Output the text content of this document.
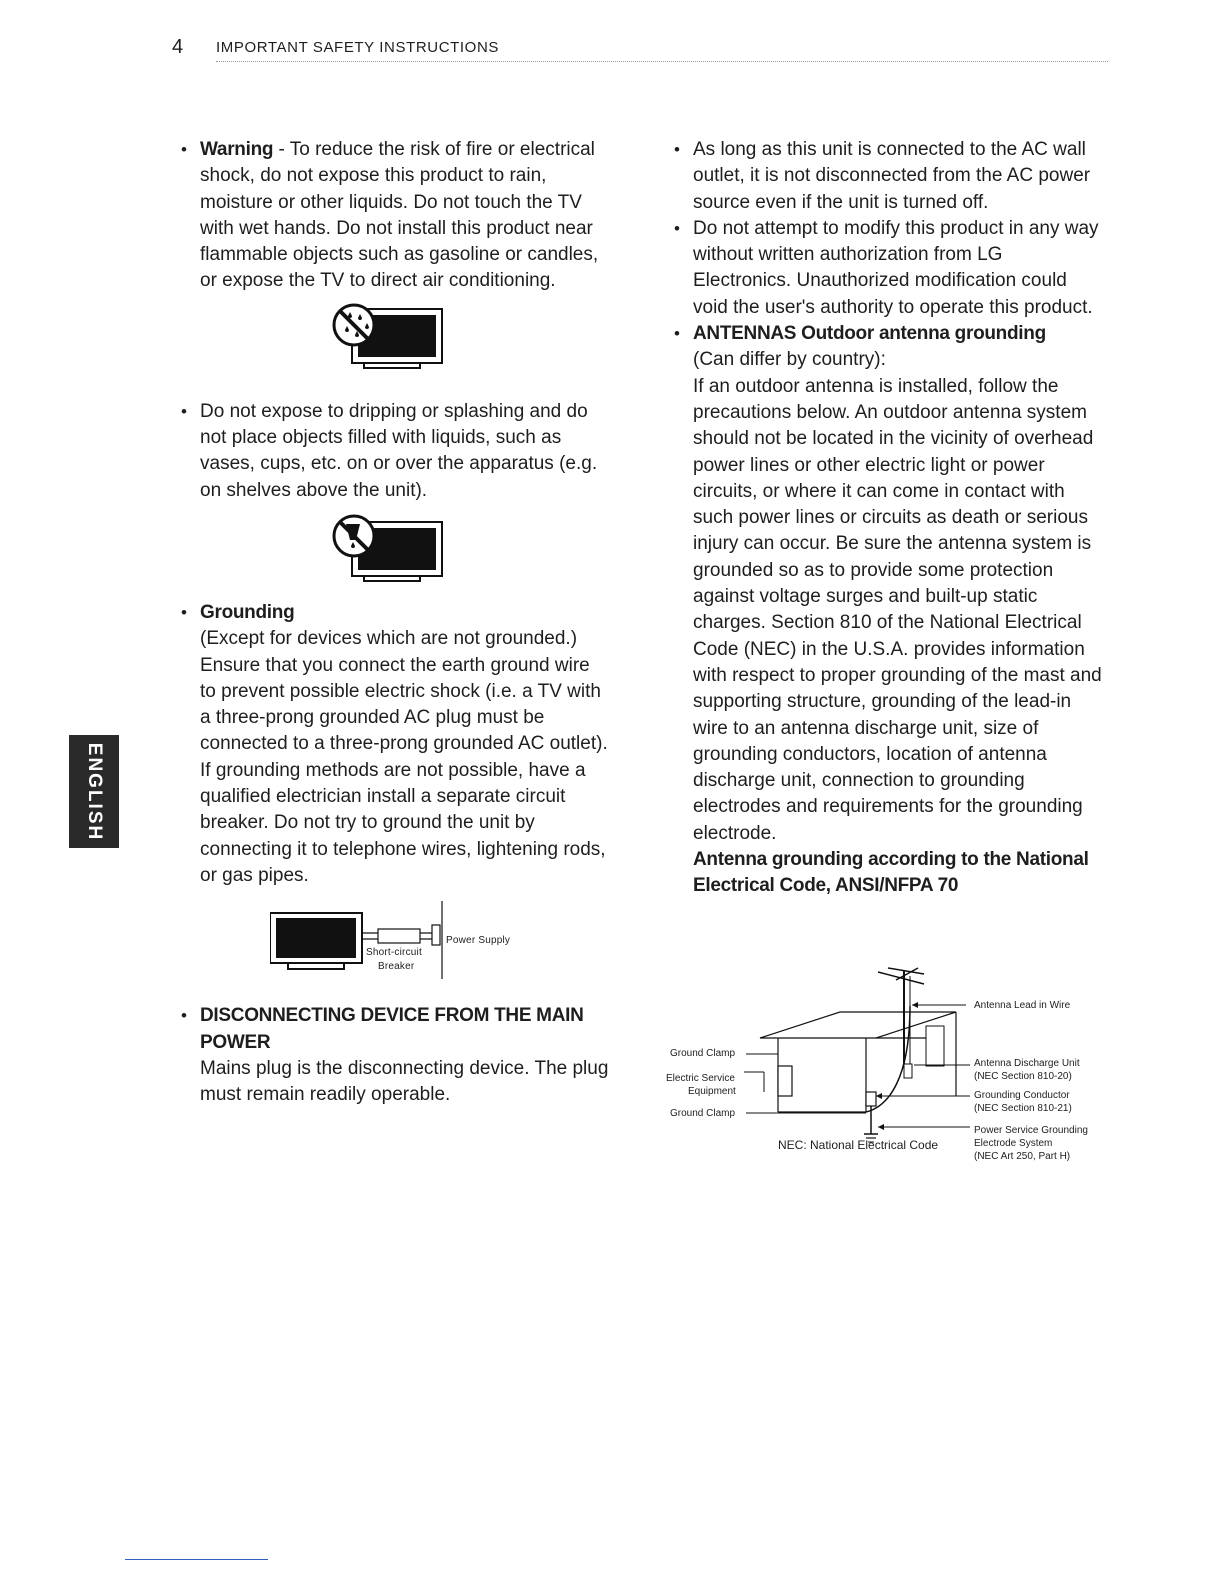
4 IMPORTANT SAFETY INSTRUCTIONS
ENGLISH

• Warning - To reduce the risk of fire or electrical shock, do not expose this product to rain, moisture or other liquids. Do not touch the TV with wet hands. Do not install this product near flammable objects such as gasoline or candles, or expose the TV to direct air conditioning.

• Do not expose to dripping or splashing and do not place objects filled with liquids, such as vases, cups, etc. on or over the apparatus (e.g. on shelves above the unit).

• Grounding
(Except for devices which are not grounded.) Ensure that you connect the earth ground wire to prevent possible electric shock (i.e. a TV with a three-prong grounded AC plug must be connected to a three-prong grounded AC outlet). If grounding methods are not possible, have a qualified electrician install a separate circuit breaker. Do not try to ground the unit by connecting it to telephone wires, lightening rods, or gas pipes.

Short-circuit
Breaker
Power Supply

• DISCONNECTING DEVICE FROM THE MAIN POWER
Mains plug is the disconnecting device. The plug must remain readily operable.

• As long as this unit is connected to the AC wall outlet, it is not disconnected from the AC power source even if the unit is turned off.

• Do not attempt to modify this product in any way without written authorization from LG Electronics. Unauthorized modification could void the user's authority to operate this product.

• ANTENNAS Outdoor antenna grounding
(Can differ by country):
If an outdoor antenna is installed, follow the precautions below. An outdoor antenna system should not be located in the vicinity of overhead power lines or other electric light or power circuits, or where it can come in contact with such power lines or circuits as death or serious injury can occur. Be sure the antenna system is grounded so as to provide some protection against voltage surges and built-up static charges. Section 810 of the National Electrical Code (NEC) in the U.S.A. provides information with respect to proper grounding of the mast and supporting structure, grounding of the lead-in wire to an antenna discharge unit, size of grounding conductors, location of antenna discharge unit, connection to grounding electrodes and requirements for the grounding electrode.
Antenna grounding according to the National Electrical Code, ANSI/NFPA 70

Antenna Lead in Wire
Ground Clamp
Electric Service
Equipment
Ground Clamp
Antenna Discharge Unit
(NEC Section 810-20)
Grounding Conductor
(NEC Section 810-21)
Power Service Grounding
Electrode System
(NEC Art 250, Part H)
NEC: National Electrical Code
